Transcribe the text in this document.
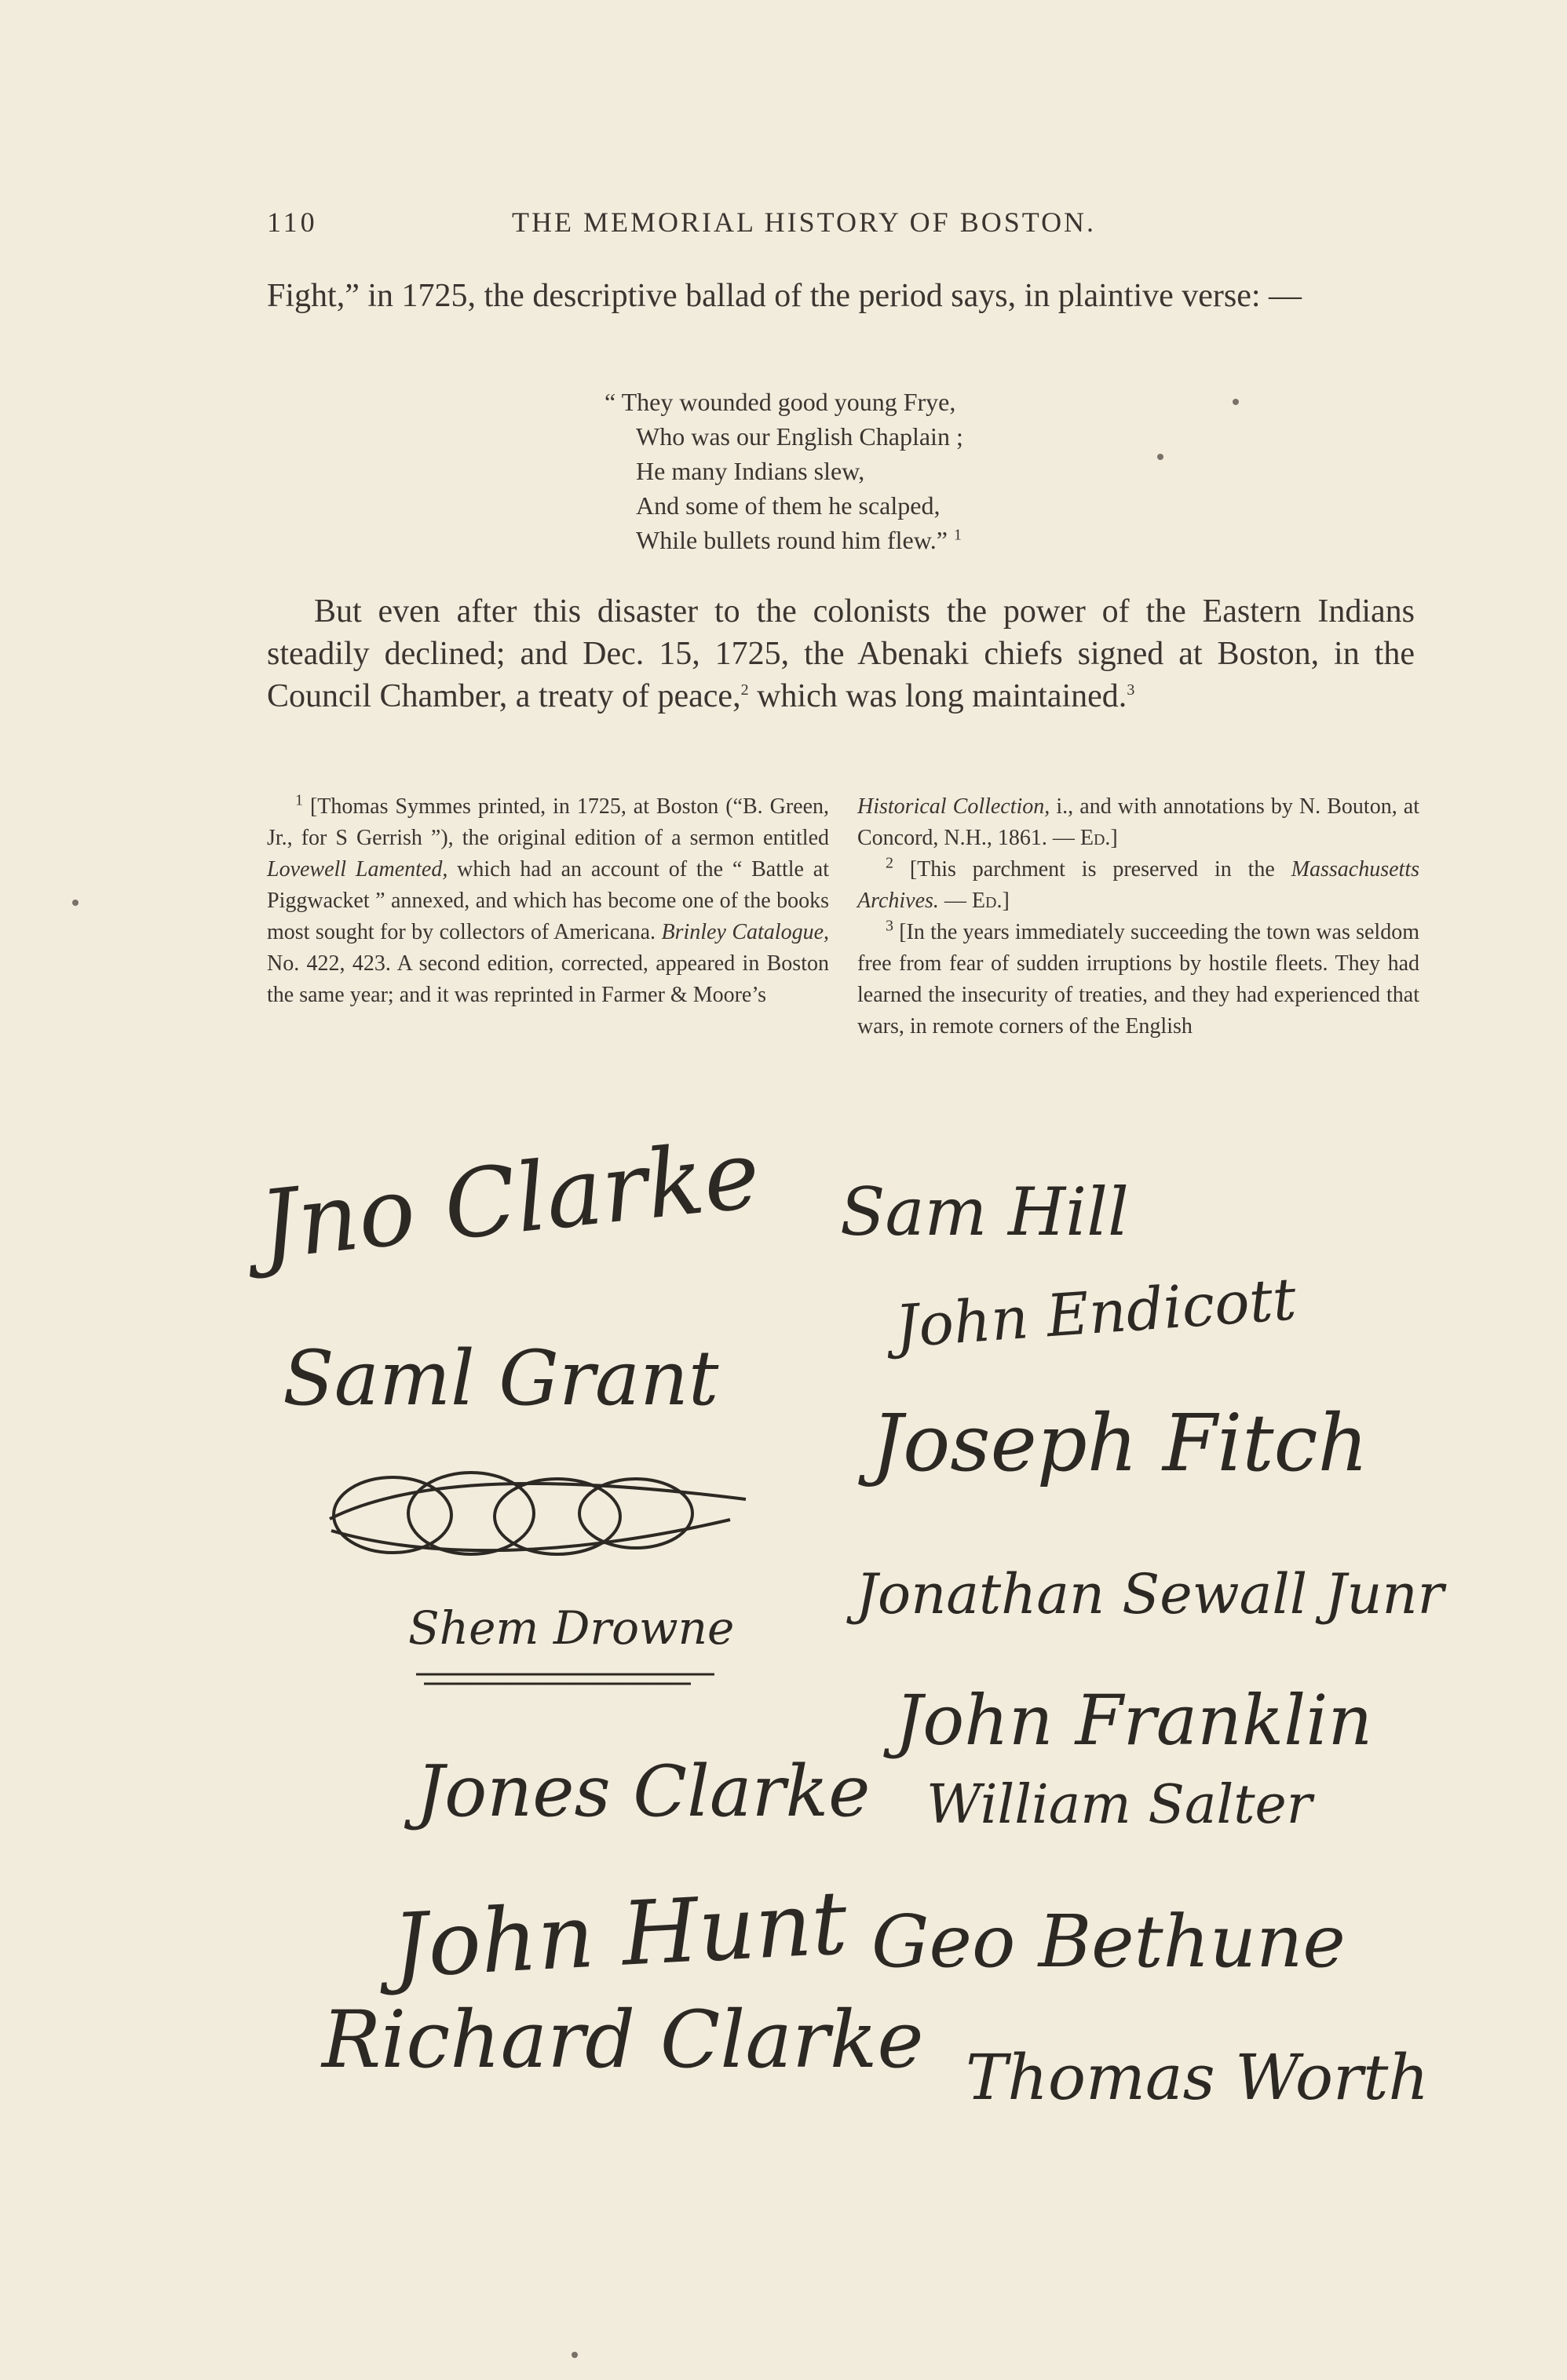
110	THE MEMORIAL HISTORY OF BOSTON.
Fight,” in 1725, the descriptive ballad of the period says, in plaintive verse: —
“ They wounded good young Frye,
Who was our English Chaplain ;
He many Indians slew,
And some of them he scalped,
While bullets round him flew.” $^1$
But even after this disaster to the colonists the power of the Eastern Indians steadily declined; and Dec. 15, 1725, the Abenaki chiefs signed at Boston, in the Council Chamber, a treaty of peace,$^2$ which was long maintained.$^3$

$^1$ [Thomas Symmes printed, in 1725, at Boston (“B. Green, Jr., for S Gerrish ”), the original edition of a sermon entitled Lovewell Lamented, which had an account of the “ Battle at Piggwacket ” annexed, and which has become one of the books most sought for by collectors of Americana. Brinley Catalogue, No. 422, 423. A second edition, corrected, appeared in Boston the same year; and it was reprinted in Farmer & Moore’s

Historical Collection, i., and with annotations by N. Bouton, at Concord, N.H., 1861. — Ed.]

$^2$ [This parchment is preserved in the Massachusetts Archives. — Ed.]

$^3$ [In the years immediately succeeding the town was seldom free from fear of sudden irruptions by hostile fleets. They had learned the insecurity of treaties, and they had experienced that wars, in remote corners of the English

Jno Clarke Sam Hill
John Endicott
Saml Grant
Joseph Fitch
Shem Drowne
Jonathan Sewall Junr
John Franklin
Jones Clarke William Salter
John Hunt Geo Bethune
Richard Clarke Thomas Worth
